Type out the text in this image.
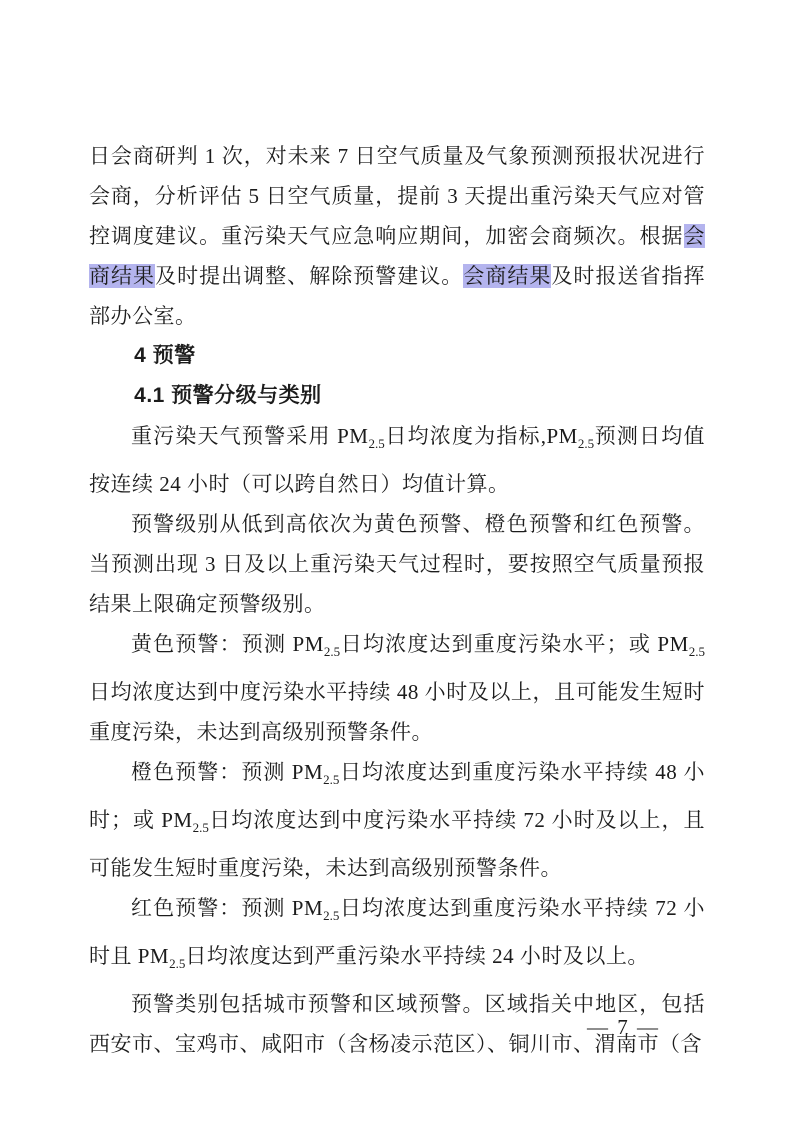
日会商研判 1 次，对未来 7 日空气质量及气象预测预报状况进行会商，分析评估 5 日空气质量，提前 3 天提出重污染天气应对管控调度建议。重污染天气应急响应期间，加密会商频次。根据会商结果及时提出调整、解除预警建议。会商结果及时报送省指挥部办公室。
4 预警
4.1 预警分级与类别
重污染天气预警采用 $PM_{2.5}$日均浓度为指标$,PM_{2.5}$预测日均值按连续 24 小时（可以跨自然日）均值计算。
预警级别从低到高依次为黄色预警、橙色预警和红色预警。当预测出现 3 日及以上重污染天气过程时，要按照空气质量预报结果上限确定预警级别。
黄色预警：预测 $PM_{2.5}$日均浓度达到重度污染水平；或 $PM_{2.5}$日均浓度达到中度污染水平持续 48 小时及以上，且可能发生短时重度污染，未达到高级别预警条件。
橙色预警：预测 $PM_{2.5}$日均浓度达到重度污染水平持续 48 小时；或 $PM_{2.5}$日均浓度达到中度污染水平持续 72 小时及以上，且可能发生短时重度污染，未达到高级别预警条件。
红色预警：预测 $PM_{2.5}$日均浓度达到重度污染水平持续 72 小时且 $PM_{2.5}$日均浓度达到严重污染水平持续 24 小时及以上。
预警类别包括城市预警和区域预警。区域指关中地区，包括西安市、宝鸡市、咸阳市（含杨凌示范区）、铜川市、渭南市（含
— 7 —
